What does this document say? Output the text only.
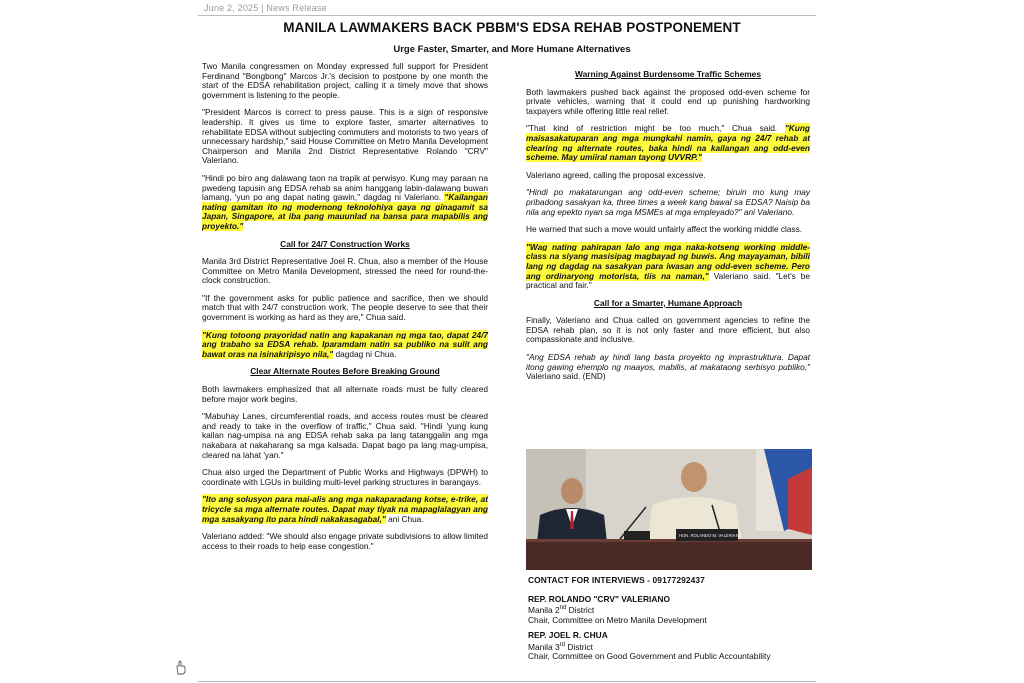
June 2, 2025 | News Release
MANILA LAWMAKERS BACK PBBM'S EDSA REHAB POSTPONEMENT
Urge Faster, Smarter, and More Humane Alternatives

Two Manila congressmen on Monday expressed full support for President Ferdinand "Bongbong" Marcos Jr.'s decision to postpone by one month the start of the EDSA rehabilitation project, calling it a timely move that shows government is listening to the people.

"President Marcos is correct to press pause. This is a sign of responsive leadership. It gives us time to explore faster, smarter alternatives to rehabilitate EDSA without subjecting commuters and motorists to two years of unnecessary hardship," said House Committee on Metro Manila Development Chairperson and Manila 2nd District Representative Rolando "CRV" Valeriano.

"Hindi po biro ang dalawang taon na trapik at perwisyo. Kung may paraan na pwedeng tapusin ang EDSA rehab sa anim hanggang labin-dalawang buwan lamang, 'yun po ang dapat nating gawin," dagdag ni Valeriano. "Kailangan nating gamitan ito ng modernong teknolohiya gaya ng ginagamit sa Japan, Singapore, at iba pang mauunlad na bansa para mapabilis ang proyekto."

Call for 24/7 Construction Works

Manila 3rd District Representative Joel R. Chua, also a member of the House Committee on Metro Manila Development, stressed the need for round-the-clock construction.

"If the government asks for public patience and sacrifice, then we should match that with 24/7 construction work. The people deserve to see that their government is working as hard as they are," Chua said.

"Kung totoong prayoridad natin ang kapakanan ng mga tao, dapat 24/7 ang trabaho sa EDSA rehab. Iparamdam natin sa publiko na sulit ang bawat oras na isinakripisyo nila," dagdag ni Chua.

Clear Alternate Routes Before Breaking Ground

Both lawmakers emphasized that all alternate roads must be fully cleared before major work begins.

"Mabuhay Lanes, circumferential roads, and access routes must be cleared and ready to take in the overflow of traffic," Chua said. "Hindi 'yung kung kailan nag-umpisa na ang EDSA rehab saka pa lang tatanggalin ang mga nakabara at nakaharang sa mga kalsada. Dapat bago pa lang mag-umpisa, cleared na lahat 'yan."

Chua also urged the Department of Public Works and Highways (DPWH) to coordinate with LGUs in building multi-level parking structures in barangays.

"Ito ang solusyon para mai-alis ang mga nakaparadang kotse, e-trike, at tricycle sa mga alternate routes. Dapat may tiyak na mapaglalagyan ang mga sasakyang ito para hindi nakakasagabal," ani Chua.

Valeriano added: "We should also engage private subdivisions to allow limited access to their roads to help ease congestion."

Warning Against Burdensome Traffic Schemes

Both lawmakers pushed back against the proposed odd-even scheme for private vehicles, warning that it could end up punishing hardworking taxpayers while offering little real relief.

"That kind of restriction might be too much," Chua said. "Kung maisasakatuparan ang mga mungkahi namin, gaya ng 24/7 rehab at clearing ng alternate routes, baka hindi na kailangan ang odd-even scheme. May umiiral naman tayong UVVRP."

Valeriano agreed, calling the proposal excessive.

"Hindi po makatarungan ang odd-even scheme; biruin mo kung may pribadong sasakyan ka, three times a week kang bawal sa EDSA? Naisip ba nila ang epekto nyan sa mga MSMEs at mga empleyado?" ani Valeriano.

He warned that such a move would unfairly affect the working middle class.

"Wag nating pahirapan lalo ang mga naka-kotseng working middle-class na siyang masisipag magbayad ng buwis. Ang mayayaman, bibili lang ng dagdag na sasakyan para iwasan ang odd-even scheme. Pero ang ordinaryong motorista, tiis na naman," Valeriano said. "Let's be practical and fair."

Call for a Smarter, Humane Approach

Finally, Valeriano and Chua called on government agencies to refine the EDSA rehab plan, so it is not only faster and more efficient, but also compassionate and inclusive.

"Ang EDSA rehab ay hindi lang basta proyekto ng imprastruktura. Dapat itong gawing ehemplo ng maayos, mabilis, at makataong serbisyo publiko," Valeriano said. (END)

HON. ROLANDO M. VALERIANO
CONTACT FOR INTERVIEWS - 09177292437
REP. ROLANDO "CRV" VALERIANO
Manila 2nd District
Chair, Committee on Metro Manila Development
REP. JOEL R. CHUA
Manila 3rd District
Chair, Committee on Good Government and Public Accountability
